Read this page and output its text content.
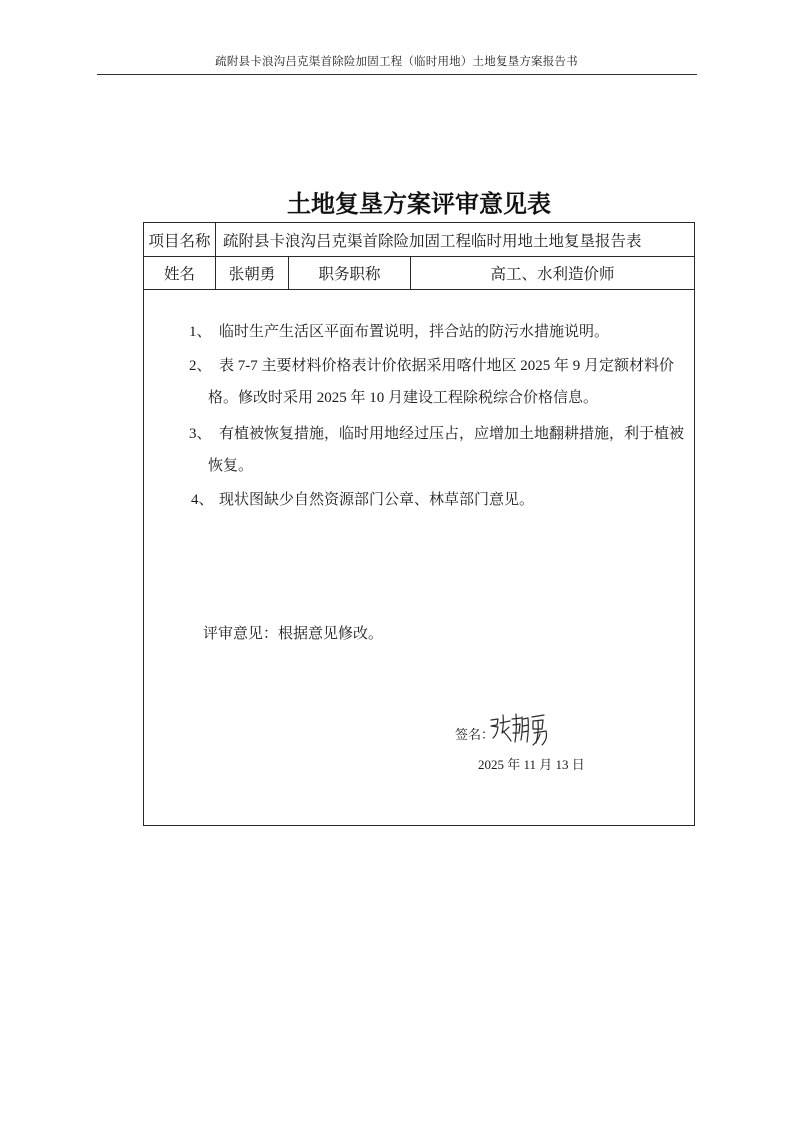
疏附县卡浪沟吕克渠首除险加固工程（临时用地）土地复垦方案报告书
土地复垦方案评审意见表
项目名称 疏附县卡浪沟吕克渠首除险加固工程临时用地土地复垦报告表
姓名	张朝勇	职务职称	高工、水利造价师
1、 临时生产生活区平面布置说明，拌合站的防污水措施说明。
2、 表 7-7 主要材料价格表计价依据采用喀什地区 2025 年 9 月定额材料价
格。修改时采用 2025 年 10 月建设工程除税综合价格信息。
3、 有植被恢复措施，临时用地经过压占，应增加土地翻耕措施，利于植被
恢复。
4、 现状图缺少自然资源部门公章、林草部门意见。
评审意见：根据意见修改。
签名：
2025 年 11 月 13 日
